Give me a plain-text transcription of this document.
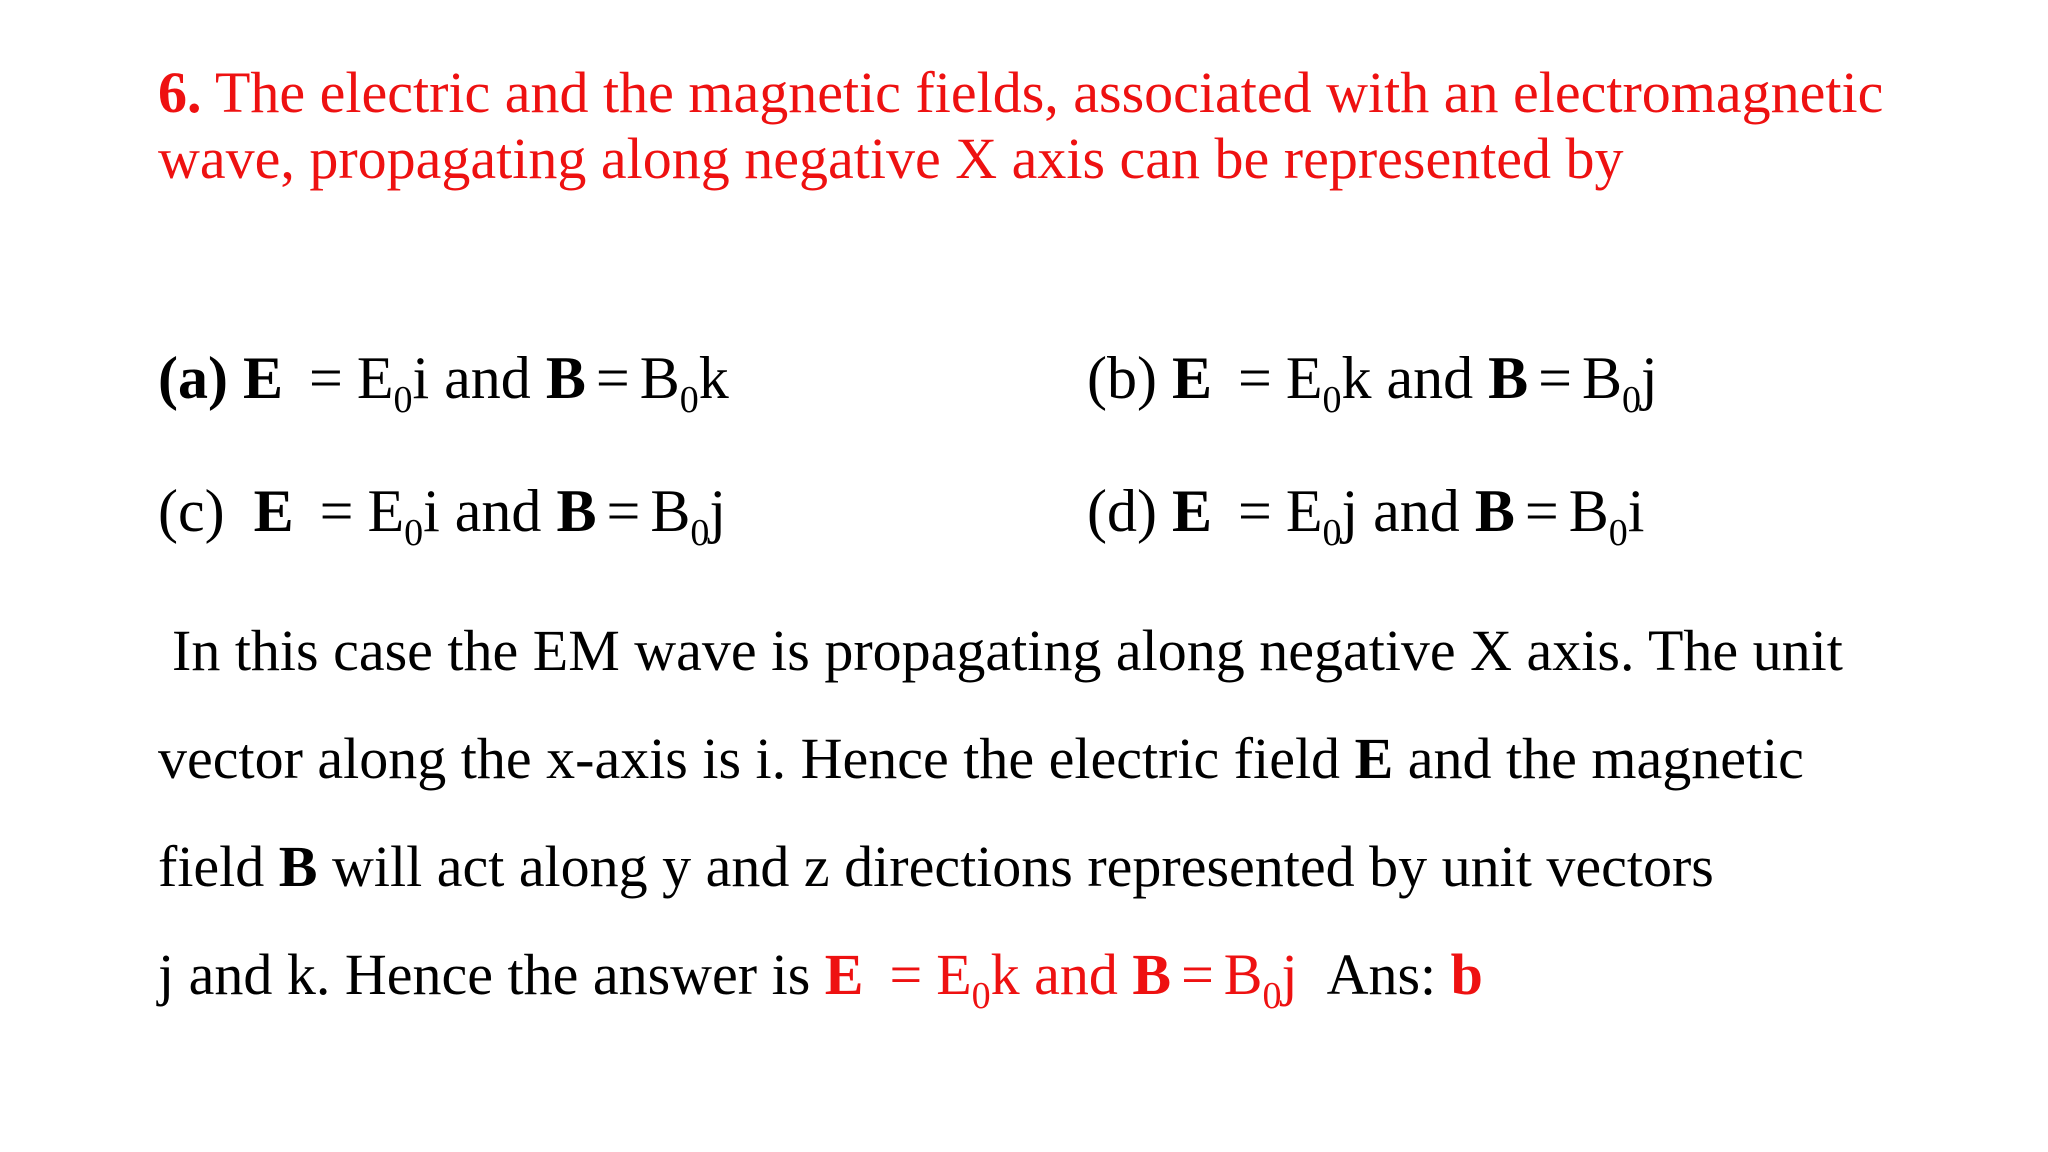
6. The electric and the magnetic fields, associated with an electromagnetic wave, propagating along negative X axis can be represented by
(a) $E = E_0i$ and $B = B_0k$	(b) $E = E_0k$ and $B = B_0j$
(c) $E = E_0i$ and $B = B_0j$	(d) $E = E_0j$ and $B = B_0i$
In this case the EM wave is propagating along negative X axis. The unit
vector along the x-axis is i. Hence the electric field E and the magnetic
field B will act along y and z directions represented by unit vectors
j and k. Hence the answer is $E = E_0k$ and $B = B_0j$ Ans: b
